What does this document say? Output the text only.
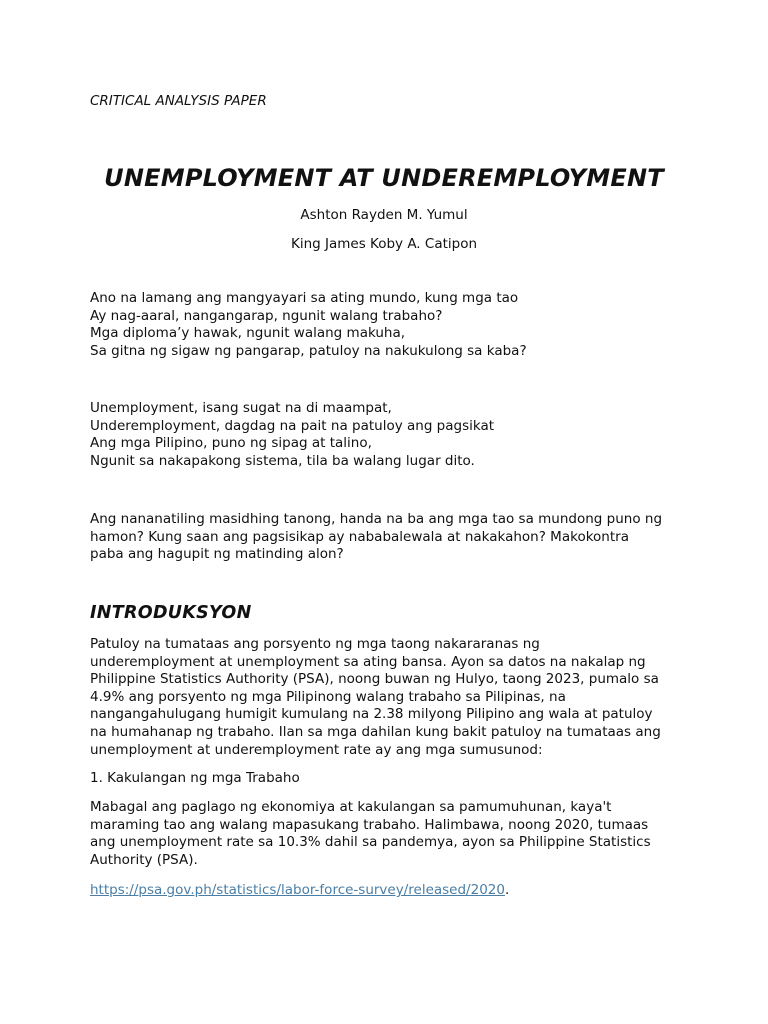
CRITICAL ANALYSIS PAPER

UNEMPLOYMENT AT UNDEREMPLOYMENT

Ashton Rayden M. Yumul

King James Koby A. Catipon

Ano na lamang ang mangyayari sa ating mundo, kung mga tao
Ay nag-aaral, nangangarap, ngunit walang trabaho?
Mga diploma’y hawak, ngunit walang makuha,
Sa gitna ng sigaw ng pangarap, patuloy na nakukulong sa kaba?

Unemployment, isang sugat na di maampat,
Underemployment, dagdag na pait na patuloy ang pagsikat
Ang mga Pilipino, puno ng sipag at talino,
Ngunit sa nakapakong sistema, tila ba walang lugar dito.

Ang nananatiling masidhing tanong, handa na ba ang mga tao sa mundong puno ng
hamon? Kung saan ang pagsisikap ay nababalewala at nakakahon? Makokontra
paba ang hagupit ng matinding alon?

INTRODUKSYON

Patuloy na tumataas ang porsyento ng mga taong nakararanas ng
underemployment at unemployment sa ating bansa. Ayon sa datos na nakalap ng
Philippine Statistics Authority (PSA), noong buwan ng Hulyo, taong 2023, pumalo sa
4.9% ang porsyento ng mga Pilipinong walang trabaho sa Pilipinas, na
nangangahulugang humigit kumulang na 2.38 milyong Pilipino ang wala at patuloy
na humahanap ng trabaho. Ilan sa mga dahilan kung bakit patuloy na tumataas ang
unemployment at underemployment rate ay ang mga sumusunod:

1. Kakulangan ng mga Trabaho

Mabagal ang paglago ng ekonomiya at kakulangan sa pamumuhunan, kaya't
maraming tao ang walang mapasukang trabaho. Halimbawa, noong 2020, tumaas
ang unemployment rate sa 10.3% dahil sa pandemya, ayon sa Philippine Statistics
Authority (PSA).

https://psa.gov.ph/statistics/labor-force-survey/released/2020.
